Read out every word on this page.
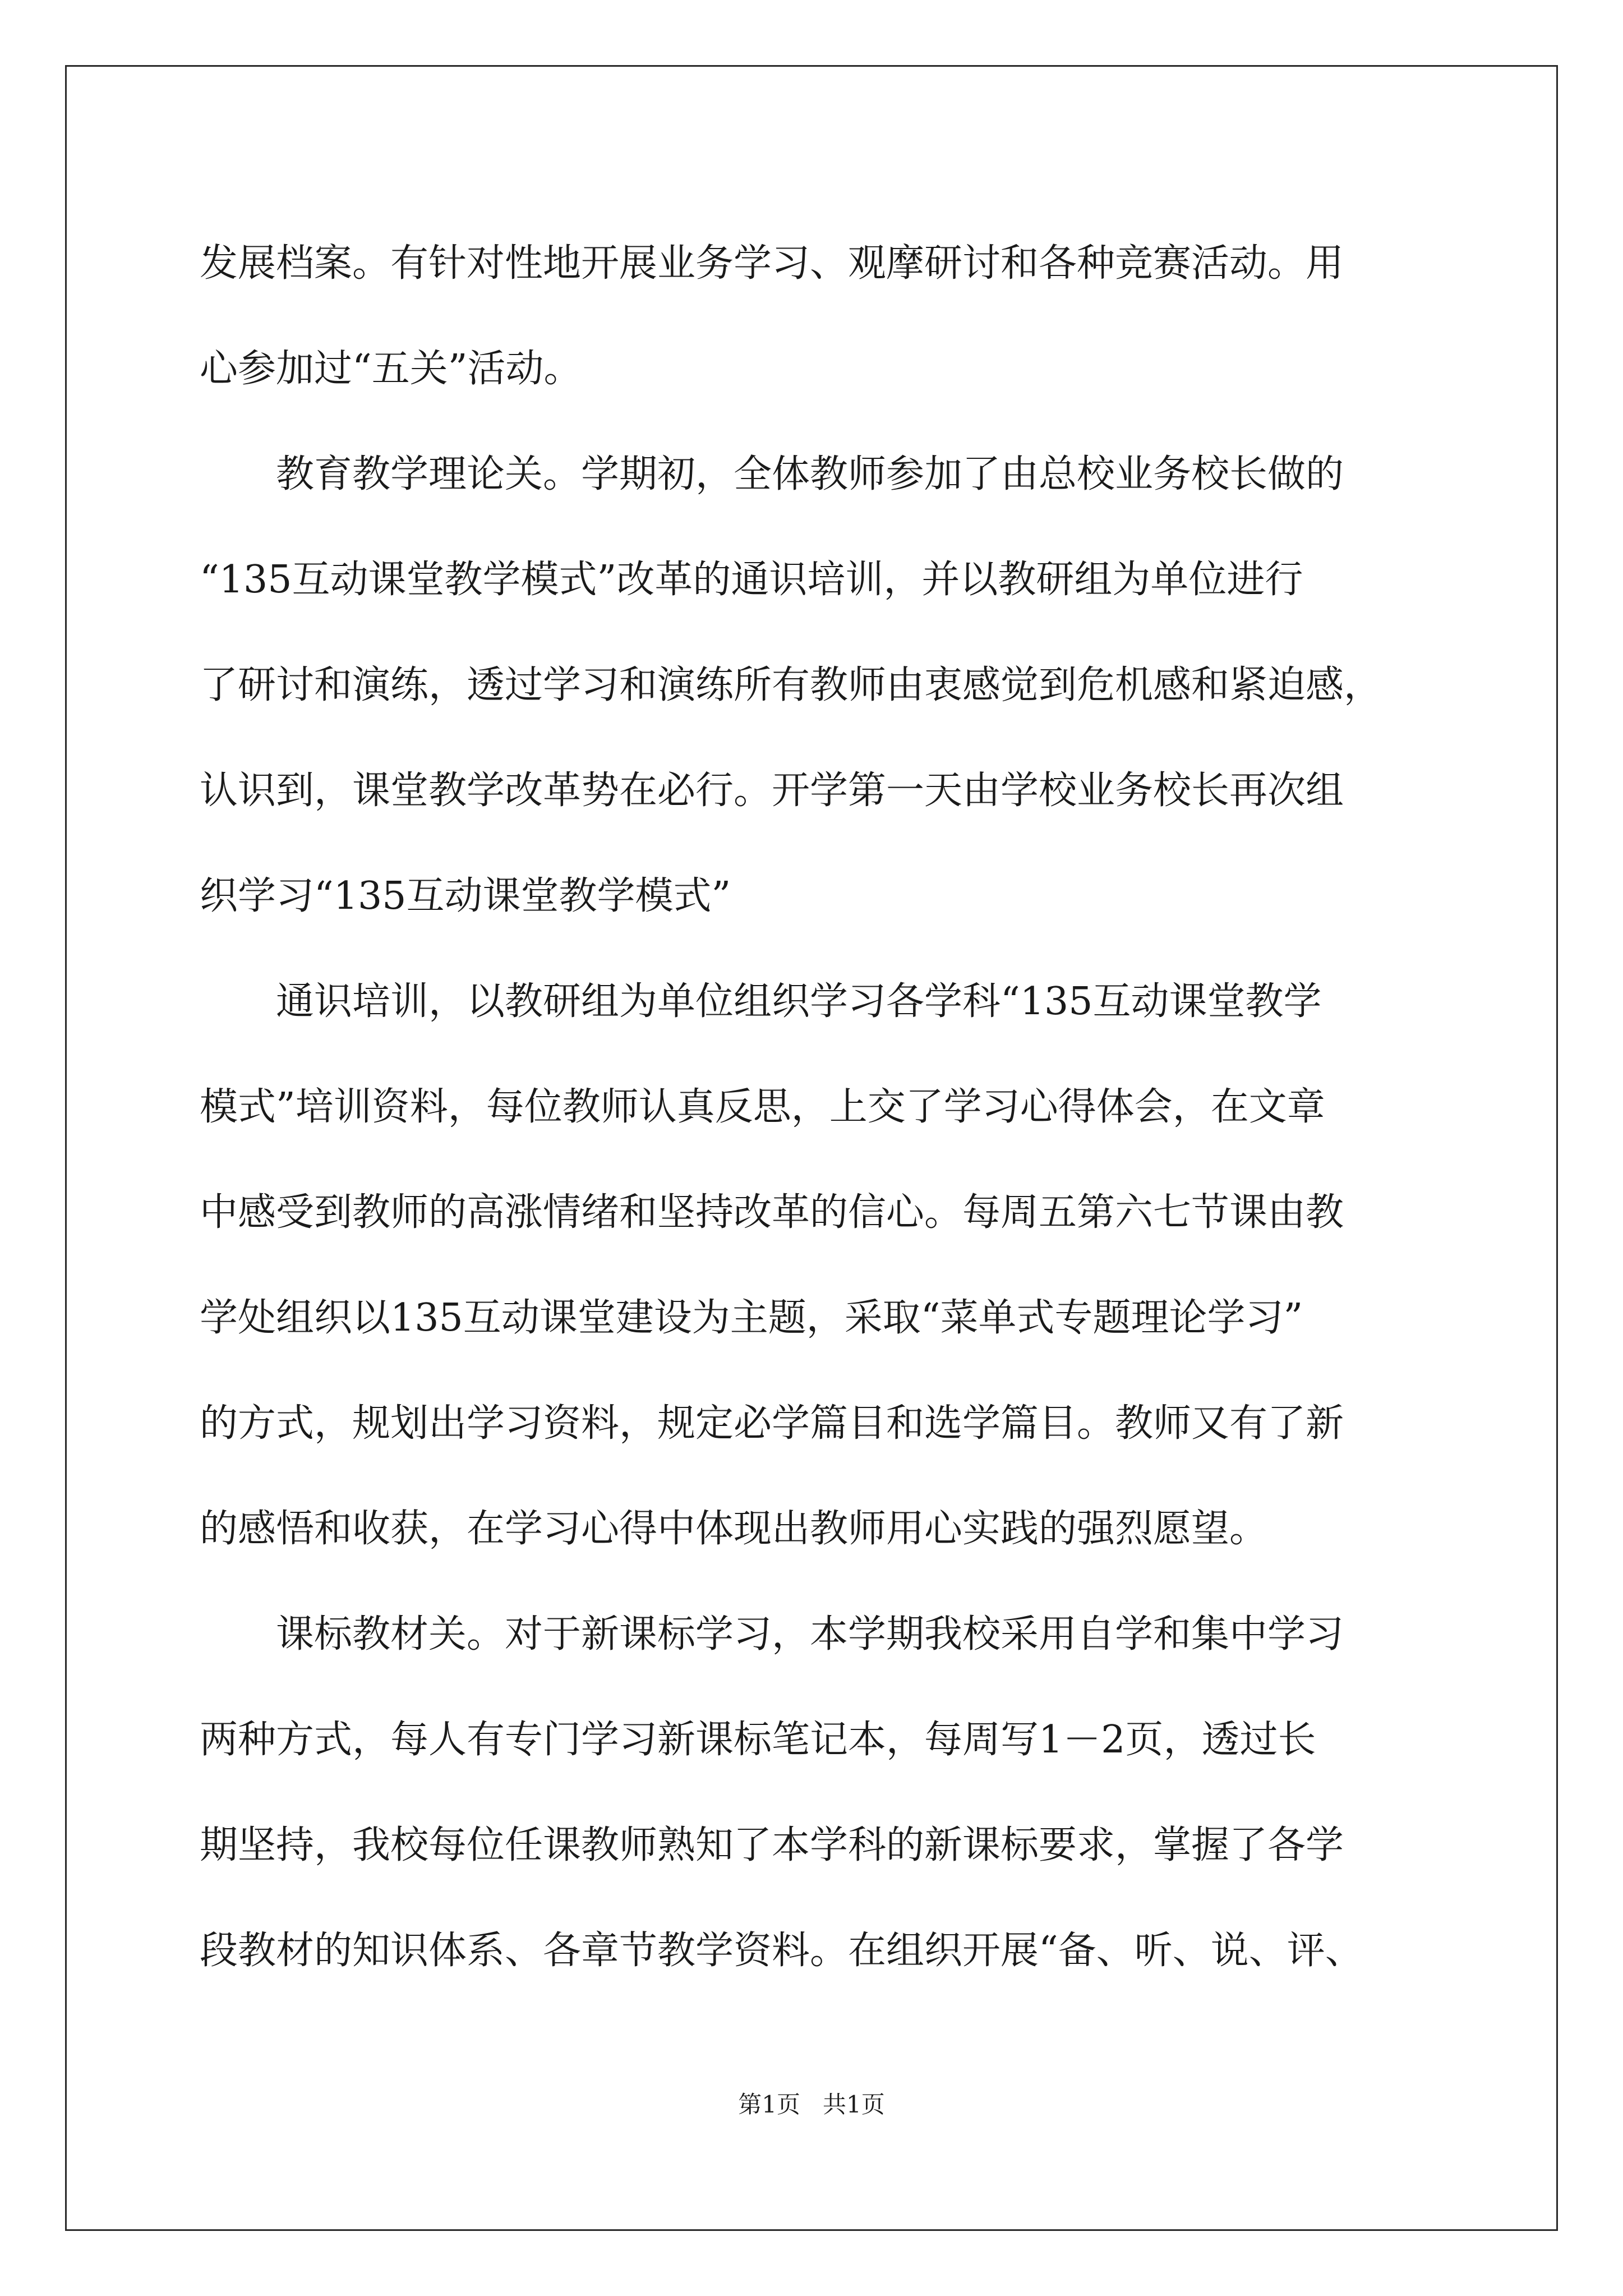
发展档案。有针对性地开展业务学习、观摩研讨和各种竞赛活动。用
心参加过“五关”活动。
教育教学理论关。学期初，全体教师参加了由总校业务校长做的
“135互动课堂教学模式”改革的通识培训，并以教研组为单位进行
了研讨和演练，透过学习和演练所有教师由衷感觉到危机感和紧迫感，
认识到，课堂教学改革势在必行。开学第一天由学校业务校长再次组
织学习“135互动课堂教学模式”
通识培训，以教研组为单位组织学习各学科“135互动课堂教学
模式”培训资料，每位教师认真反思，上交了学习心得体会，在文章
中感受到教师的高涨情绪和坚持改革的信心。每周五第六七节课由教
学处组织以135互动课堂建设为主题，采取“菜单式专题理论学习”
的方式，规划出学习资料，规定必学篇目和选学篇目。教师又有了新
的感悟和收获，在学习心得中体现出教师用心实践的强烈愿望。
课标教材关。对于新课标学习，本学期我校采用自学和集中学习
两种方式，每人有专门学习新课标笔记本，每周写1－2页，透过长
期坚持，我校每位任课教师熟知了本学科的新课标要求，掌握了各学
段教材的知识体系、各章节教学资料。在组织开展“备、听、说、评、
第1页   共1页
